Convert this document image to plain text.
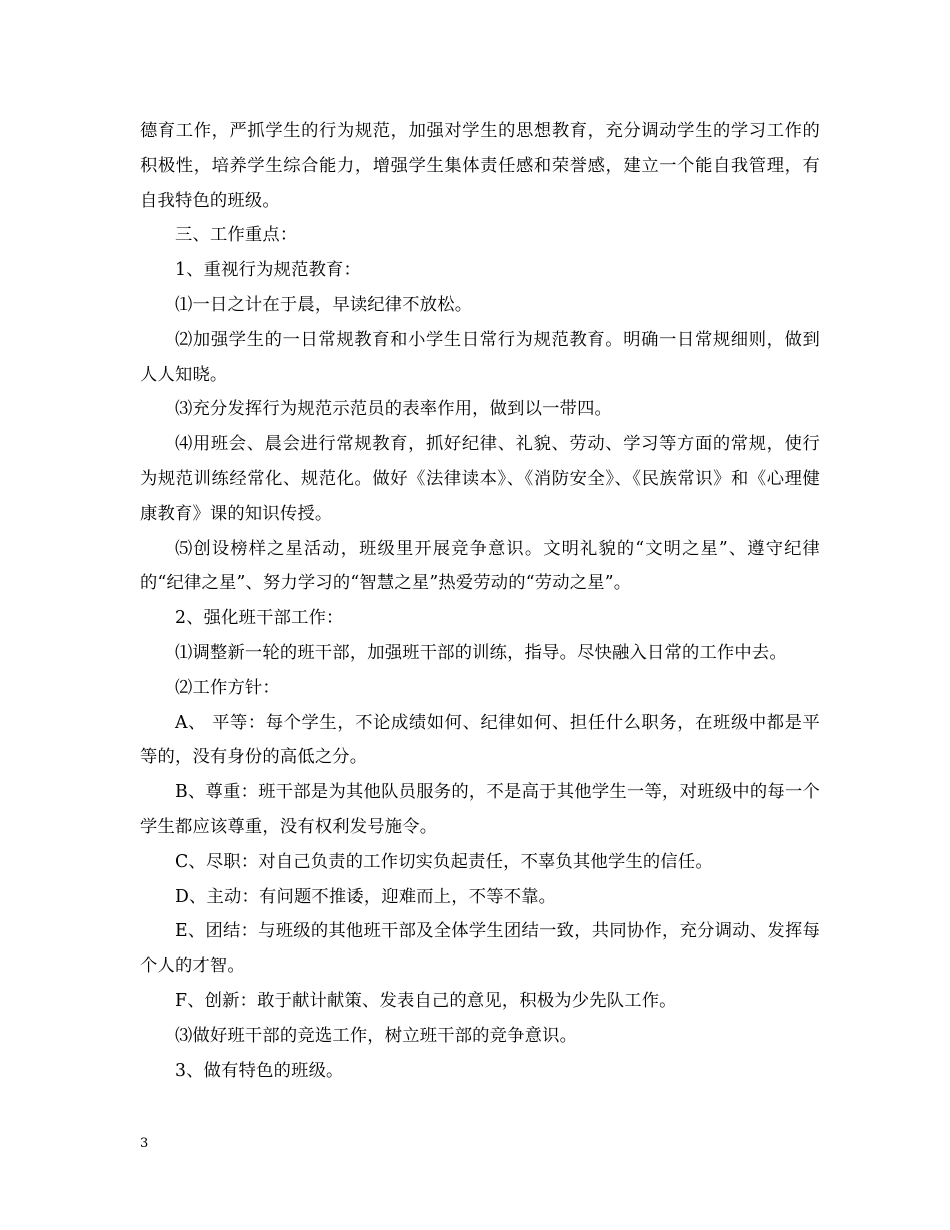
德育工作，严抓学生的行为规范，加强对学生的思想教育，充分调动学生的学习工作的积极性，培养学生综合能力，增强学生集体责任感和荣誉感，建立一个能自我管理，有自我特色的班级。

三、工作重点：

1、重视行为规范教育：

⑴一日之计在于晨，早读纪律不放松。

⑵加强学生的一日常规教育和小学生日常行为规范教育。明确一日常规细则，做到人人知晓。

⑶充分发挥行为规范示范员的表率作用，做到以一带四。

⑷用班会、晨会进行常规教育，抓好纪律、礼貌、劳动、学习等方面的常规，使行为规范训练经常化、规范化。做好《法律读本》、《消防安全》、《民族常识》和《心理健康教育》课的知识传授。

⑸创设榜样之星活动，班级里开展竞争意识。文明礼貌的“文明之星”、遵守纪律的“纪律之星”、努力学习的“智慧之星”热爱劳动的“劳动之星”。

2、强化班干部工作：

⑴调整新一轮的班干部，加强班干部的训练，指导。尽快融入日常的工作中去。

⑵工作方针：

A、 平等：每个学生，不论成绩如何、纪律如何、担任什么职务，在班级中都是平等的，没有身份的高低之分。

B、尊重：班干部是为其他队员服务的，不是高于其他学生一等，对班级中的每一个学生都应该尊重，没有权利发号施令。

C、尽职：对自己负责的工作切实负起责任，不辜负其他学生的信任。

D、主动：有问题不推诿，迎难而上，不等不靠。

E、团结：与班级的其他班干部及全体学生团结一致，共同协作，充分调动、发挥每个人的才智。

F、创新：敢于献计献策、发表自己的意见，积极为少先队工作。

⑶做好班干部的竞选工作，树立班干部的竞争意识。

3、做有特色的班级。

3
